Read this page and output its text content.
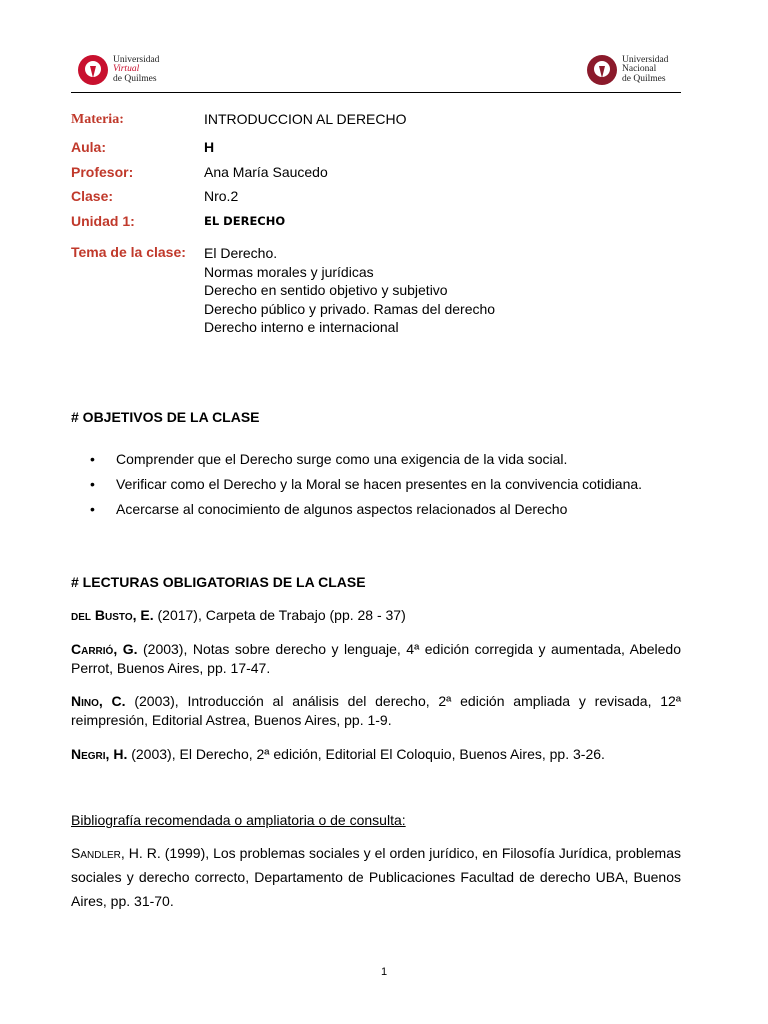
Universidad
Virtual
de Quilmes
Universidad
Nacional
de Quilmes
Materia:	INTRODUCCION AL DERECHO
Aula:	H
Profesor:	Ana María Saucedo
Clase:	Nro.2
Unidad 1:	EL DERECHO
Tema de la clase: El Derecho.
Normas morales y jurídicas
Derecho en sentido objetivo y subjetivo
Derecho público y privado. Ramas del derecho
Derecho interno e internacional
# OBJETIVOS DE LA CLASE
• Comprender que el Derecho surge como una exigencia de la vida social.
• Verificar como el Derecho y la Moral se hacen presentes en la convivencia cotidiana.
• Acercarse al conocimiento de algunos aspectos relacionados al Derecho
# LECTURAS OBLIGATORIAS DE LA CLASE
del Busto, E. (2017), Carpeta de Trabajo (pp. 28 - 37)
Carrió, G. (2003), Notas sobre derecho y lenguaje, 4ª edición corregida y aumentada, Abeledo Perrot, Buenos Aires, pp. 17-47.
Nino, C. (2003), Introducción al análisis del derecho, 2ª edición ampliada y revisada, 12ª reimpresión, Editorial Astrea, Buenos Aires, pp. 1-9.
Negri, H. (2003), El Derecho, 2ª edición, Editorial El Coloquio, Buenos Aires, pp. 3-26.
Bibliografía recomendada o ampliatoria o de consulta:
Sandler, H. R. (1999), Los problemas sociales y el orden jurídico, en Filosofía Jurídica, problemas sociales y derecho correcto, Departamento de Publicaciones Facultad de derecho UBA, Buenos Aires, pp. 31-70.
1
